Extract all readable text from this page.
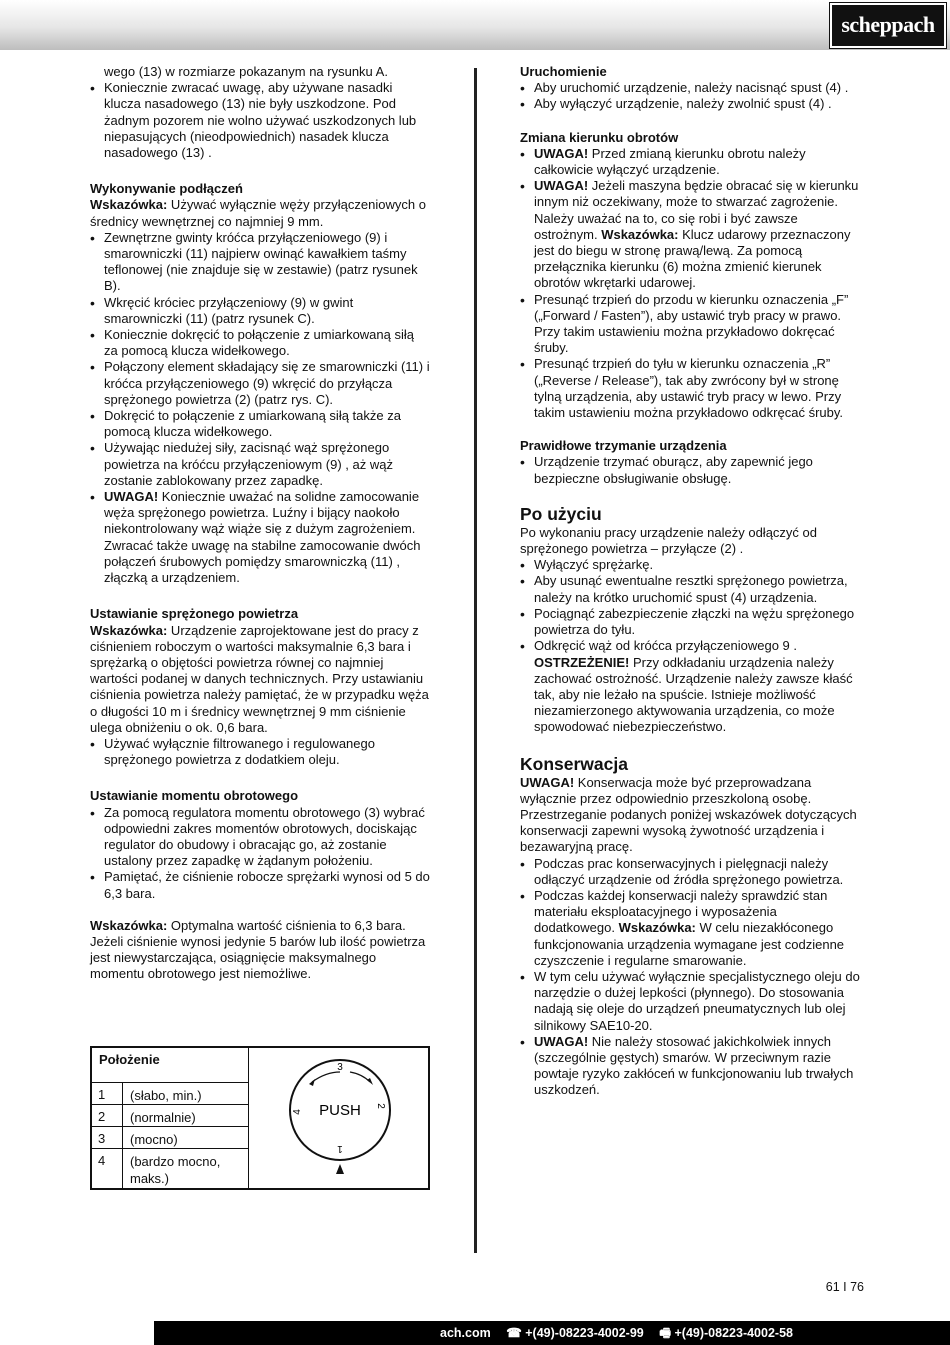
scheppach

wego (13) w rozmiarze pokazanym na rysunku A.

• Koniecznie zwracać uwagę, aby używane nasadki klucza nasadowego (13) nie były uszkodzone. Pod żadnym pozorem nie wolno używać uszkodzonych lub niepasujących (nieodpowiednich) nasadek klucza nasadowego (13) .

Wykonywanie podłączeń

Wskazówka: Używać wyłącznie węży przyłączeniowych o średnicy wewnętrznej co najmniej 9 mm.

• Zewnętrzne gwinty króćca przyłączeniowego (9) i smarowniczki (11) najpierw owinąć kawałkiem taśmy teflonowej (nie znajduje się w zestawie) (patrz rysunek B).
• Wkręcić króciec przyłączeniowy (9) w gwint smarowniczki (11) (patrz rysunek C).
• Koniecznie dokręcić to połączenie z umiarkowaną siłą za pomocą klucza widełkowego.
• Połączony element składający się ze smarowniczki (11) i króćca przyłączeniowego (9) wkręcić do przyłącza sprężonego powietrza (2) (patrz rys. C).
• Dokręcić to połączenie z umiarkowaną siłą także za pomocą klucza widełkowego.
• Używając niedużej siły, zacisnąć wąż sprężonego powietrza na króćcu przyłączeniowym (9) , aż wąż zostanie zablokowany przez zapadkę.
• UWAGA! Koniecznie uważać na solidne zamocowanie węża sprężonego powietrza. Luźny i bijący naokoło niekontrolowany wąż wiąże się z dużym zagrożeniem. Zwracać także uwagę na stabilne zamocowanie dwóch połączeń śrubowych pomiędzy smarowniczką (11) , złączką a urządzeniem.

Ustawianie sprężonego powietrza

Wskazówka: Urządzenie zaprojektowane jest do pracy z ciśnieniem roboczym o wartości maksymalnie 6,3 bara i sprężarką o objętości powietrza równej co najmniej wartości podanej w danych technicznych. Przy ustawianiu ciśnienia powietrza należy pamiętać, że w przypadku węża o długości 10 m i średnicy wewnętrznej 9 mm ciśnienie ulega obniżeniu o ok. 0,6 bara.

• Używać wyłącznie filtrowanego i regulowanego sprężonego powietrza z dodatkiem oleju.

Ustawianie momentu obrotowego

• Za pomocą regulatora momentu obrotowego (3) wybrać odpowiedni zakres momentów obrotowych, dociskając regulator do obudowy i obracając go, aż zostanie ustalony przez zapadkę w żądanym położeniu.
• Pamiętać, że ciśnienie robocze sprężarki wynosi od 5 do 6,3 bara.

Wskazówka: Optymalna wartość ciśnienia to 6,3 bara. Jeżeli ciśnienie wynosi jedynie 5 barów lub ilość powietrza jest niewystarczająca, osiągnięcie maksymalnego momentu obrotowego jest niemożliwe.

Położenie
1 (słabo, min.)
2 (normalnie)
3 (mocno)
4 (bardzo mocno, maks.)
PUSH
3
4
2
1

Uruchomienie

• Aby uruchomić urządzenie, należy nacisnąć spust (4) .
• Aby wyłączyć urządzenie, należy zwolnić spust (4) .

Zmiana kierunku obrotów

• UWAGA! Przed zmianą kierunku obrotu należy całkowicie wyłączyć urządzenie.
• UWAGA! Jeżeli maszyna będzie obracać się w kierunku innym niż oczekiwany, może to stwarzać zagrożenie. Należy uważać na to, co się robi i być zawsze ostrożnym. Wskazówka: Klucz udarowy przeznaczony jest do biegu w stronę prawą/lewą. Za pomocą przełącznika kierunku (6) można zmienić kierunek obrotów wkrętarki udarowej.
• Presunąć trzpień do przodu w kierunku oznaczenia „F” („Forward / Fasten”), aby ustawić tryb pracy w prawo. Przy takim ustawieniu można przykładowo dokręcać śruby.
• Presunąć trzpień do tyłu w kierunku oznaczenia „R” („Reverse / Release”), tak aby zwrócony był w stronę tylną urządzenia, aby ustawić tryb pracy w lewo. Przy takim ustawieniu można przykładowo odkręcać śruby.

Prawidłowe trzymanie urządzenia

• Urządzenie trzymać oburącz, aby zapewnić jego bezpieczne obsługiwanie obsługę.

Po użyciu

Po wykonaniu pracy urządzenie należy odłączyć od sprężonego powietrza – przyłącze (2) .

• Wyłączyć sprężarkę.
• Aby usunąć ewentualne resztki sprężonego powietrza, należy na krótko uruchomić spust (4) urządzenia.
• Pociągnąć zabezpieczenie złączki na wężu sprężonego powietrza do tyłu.
• Odkręcić wąż od króćca przyłączeniowego 9 .
OSTRZEŻENIE! Przy odkładaniu urządzenia należy zachować ostrożność. Urządzenie należy zawsze kłaść tak, aby nie leżało na spuście. Istnieje możliwość niezamierzonego aktywowania urządzenia, co może spowodować niebezpieczeństwo.

Konserwacja

UWAGA! Konserwacja może być przeprowadzana wyłącznie przez odpowiednio przeszkoloną osobę. Przestrzeganie podanych poniżej wskazówek dotyczących konserwacji zapewni wysoką żywotność urządzenia i bezawaryjną pracę.

• Podczas prac konserwacyjnych i pielęgnacji należy odłączyć urządzenie od źródła sprężonego powietrza.
• Podczas każdej konserwacji należy sprawdzić stan materiału eksploatacyjnego i wyposażenia dodatkowego. Wskazówka: W celu niezakłóconego funkcjonowania urządzenia wymagane jest codzienne czyszczenie i regularne smarowanie.
• W tym celu używać wyłącznie specjalistycznego oleju do narzędzie o dużej lepkości (płynnego). Do stosowania nadają się oleje do urządzeń pneumatycznych lub olej silnikowy SAE10-20.
• UWAGA! Nie należy stosować jakichkolwiek innych (szczególnie gęstych) smarów. W przeciwnym razie powtaje ryzyko zakłóceń w funkcjonowaniu lub trwałych uszkodzeń.
61 I 76
ach.com ☎ +(49)-08223-4002-99 🖷 +(49)-08223-4002-58
